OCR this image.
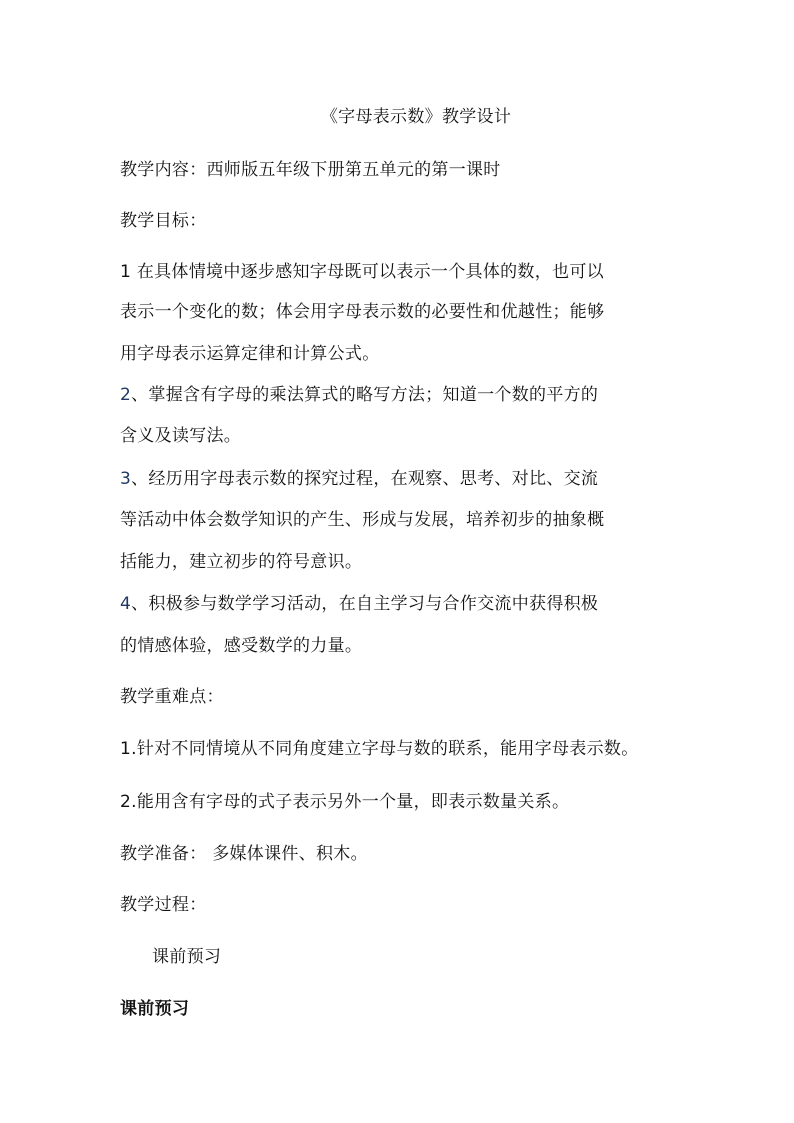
《字母表示数》教学设计
教学内容：西师版五年级下册第五单元的第一课时
教学目标：
1 在具体情境中逐步感知字母既可以表示一个具体的数，也可以
表示一个变化的数；体会用字母表示数的必要性和优越性；能够
用字母表示运算定律和计算公式。
2、掌握含有字母的乘法算式的略写方法；知道一个数的平方的
含义及读写法。
3、经历用字母表示数的探究过程，在观察、思考、对比、交流
等活动中体会数学知识的产生、形成与发展，培养初步的抽象概
括能力，建立初步的符号意识。
4、积极参与数学学习活动，在自主学习与合作交流中获得积极
的情感体验，感受数学的力量。
教学重难点：
1.针对不同情境从不同角度建立字母与数的联系，能用字母表示数。
2.能用含有字母的式子表示另外一个量，即表示数量关系。
教学准备： 多媒体课件、积木。
教学过程：
课前预习
课前预习
